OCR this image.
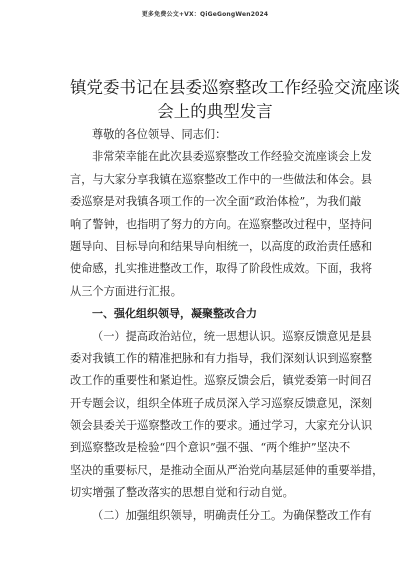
更多免费公文+VX：QiGeGongWen2024
镇党委书记在县委巡察整改工作经验交流座谈
会上的典型发言
尊敬的各位领导、同志们：
非常荣幸能在此次县委巡察整改工作经验交流座谈会上发
言，与大家分享我镇在巡察整改工作中的一些做法和体会。县
委巡察是对我镇各项工作的一次全面“政治体检”，为我们敲
响了警钟，也指明了努力的方向。在巡察整改过程中，坚持问
题导向、目标导向和结果导向相统一，以高度的政治责任感和
使命感，扎实推进整改工作，取得了阶段性成效。下面，我将
从三个方面进行汇报。
一、强化组织领导，凝聚整改合力
（一）提高政治站位，统一思想认识。巡察反馈意见是县
委对我镇工作的精准把脉和有力指导，我们深刻认识到巡察整
改工作的重要性和紧迫性。巡察反馈会后，镇党委第一时间召
开专题会议，组织全体班子成员深入学习巡察反馈意见，深刻
领会县委关于巡察整改工作的要求。通过学习，大家充分认识
到巡察整改是检验“四个意识”强不强、“两个维护”坚决不
坚决的重要标尺，是推动全面从严治党向基层延伸的重要举措，
切实增强了整改落实的思想自觉和行动自觉。
（二）加强组织领导，明确责任分工。为确保整改工作有
